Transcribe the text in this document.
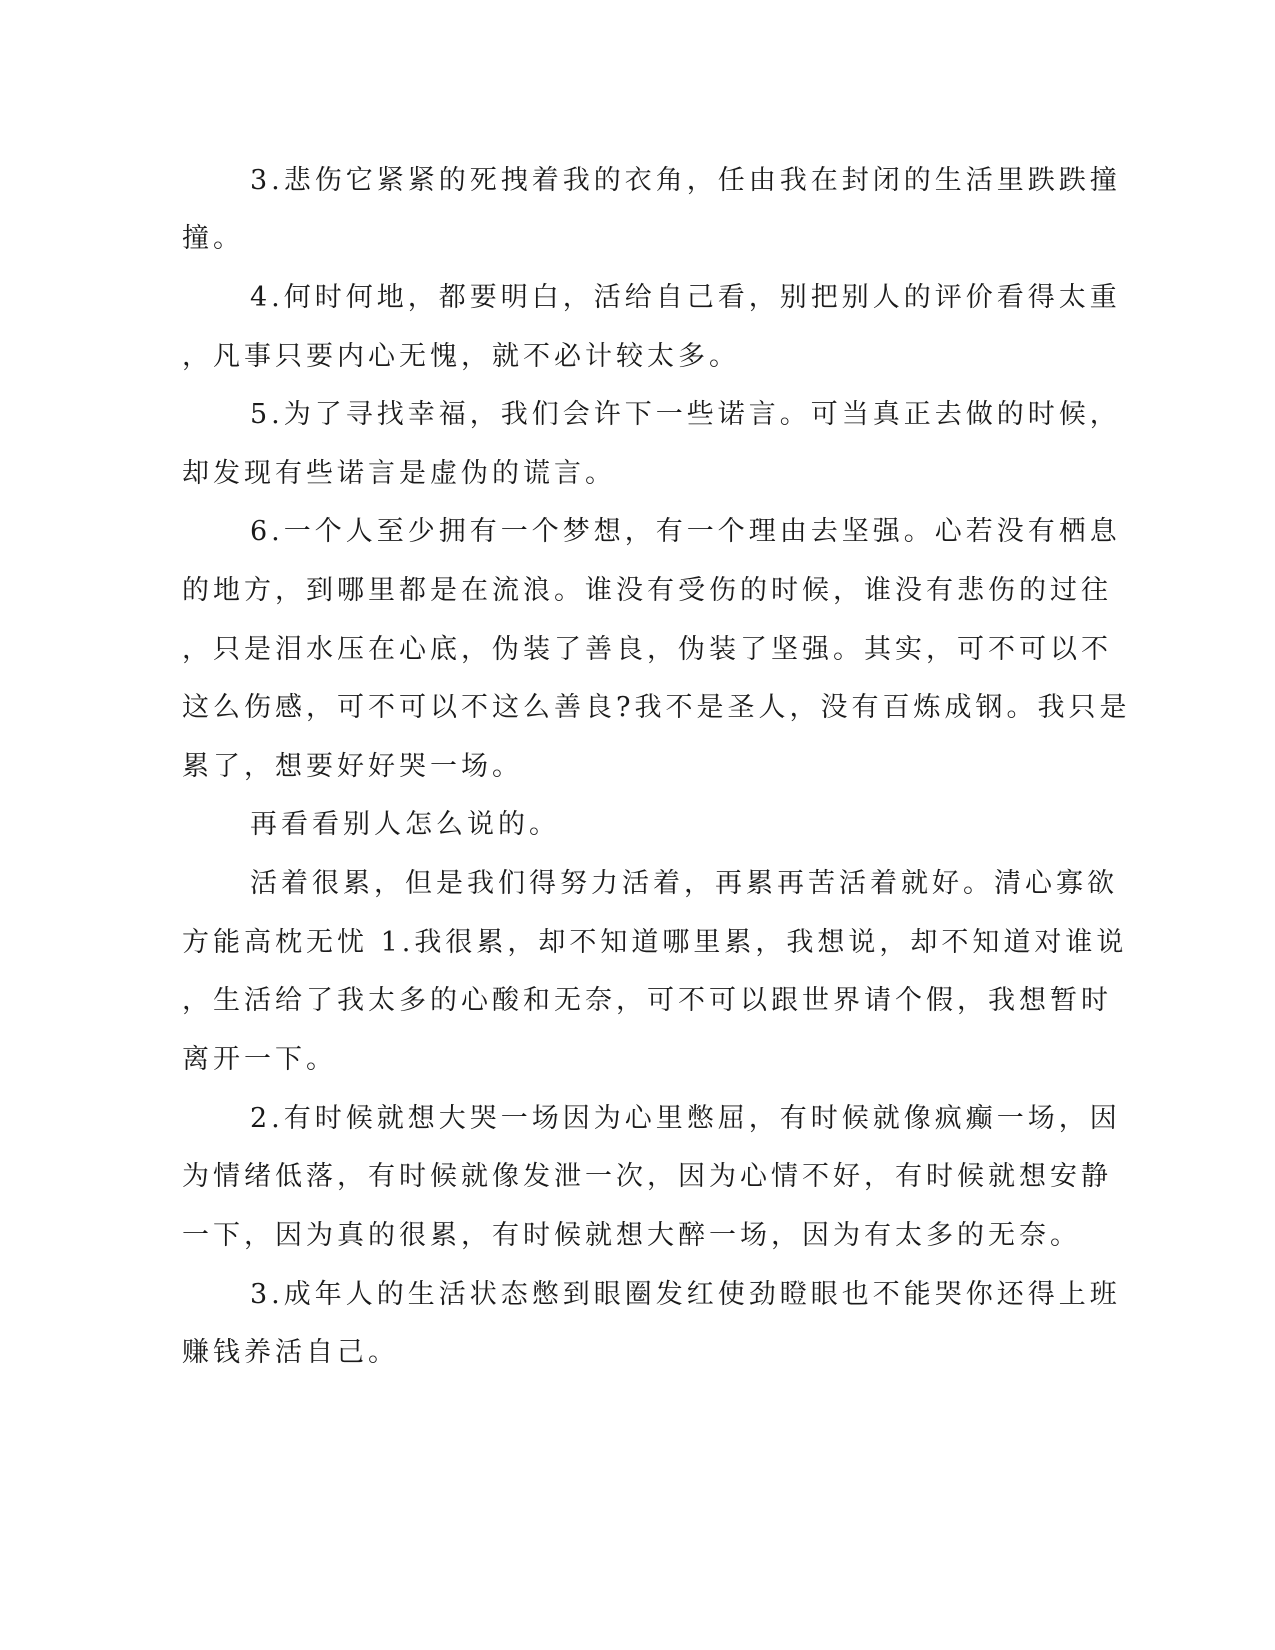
3.悲伤它紧紧的死拽着我的衣角，任由我在封闭的生活里跌跌撞
撞。
4.何时何地，都要明白，活给自己看，别把别人的评价看得太重
，凡事只要内心无愧，就不必计较太多。
5.为了寻找幸福，我们会许下一些诺言。可当真正去做的时候，
却发现有些诺言是虚伪的谎言。
6.一个人至少拥有一个梦想，有一个理由去坚强。心若没有栖息
的地方，到哪里都是在流浪。谁没有受伤的时候，谁没有悲伤的过往
，只是泪水压在心底，伪装了善良，伪装了坚强。其实，可不可以不
这么伤感，可不可以不这么善良?我不是圣人，没有百炼成钢。我只是
累了，想要好好哭一场。
再看看别人怎么说的。
活着很累，但是我们得努力活着，再累再苦活着就好。清心寡欲
方能高枕无忧 1.我很累，却不知道哪里累，我想说，却不知道对谁说
，生活给了我太多的心酸和无奈，可不可以跟世界请个假，我想暂时
离开一下。
2.有时候就想大哭一场因为心里憋屈，有时候就像疯癫一场，因
为情绪低落，有时候就像发泄一次，因为心情不好，有时候就想安静
一下，因为真的很累，有时候就想大醉一场，因为有太多的无奈。
3.成年人的生活状态憋到眼圈发红使劲瞪眼也不能哭你还得上班
赚钱养活自己。
